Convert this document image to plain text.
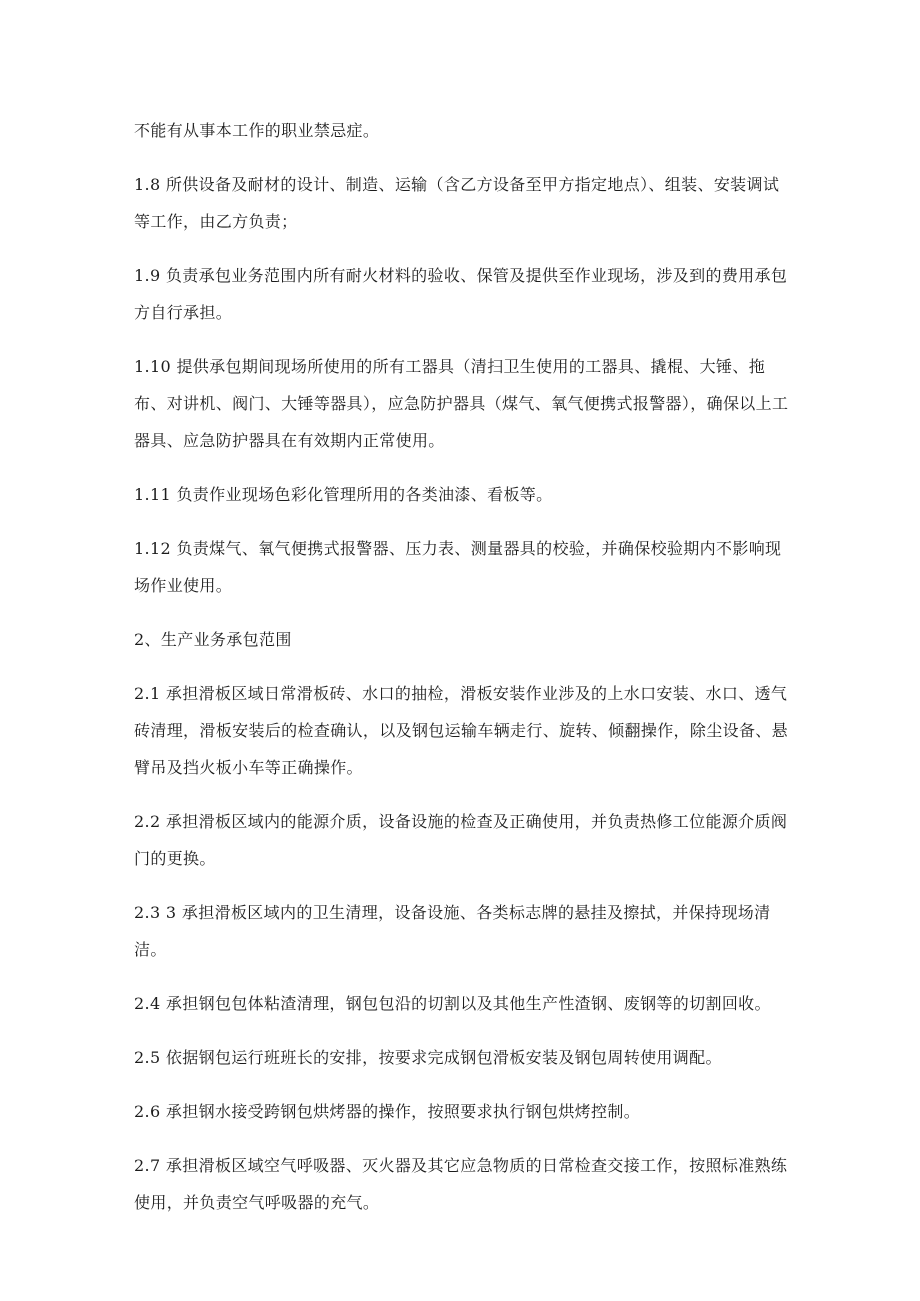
不能有从事本工作的职业禁忌症。

1.8 所供设备及耐材的设计、制造、运输（含乙方设备至甲方指定地点）、组装、安装调试等工作，由乙方负责；

1.9 负责承包业务范围内所有耐火材料的验收、保管及提供至作业现场，涉及到的费用承包方自行承担。

1.10 提供承包期间现场所使用的所有工器具（清扫卫生使用的工器具、撬棍、大锤、拖布、对讲机、阀门、大锤等器具），应急防护器具（煤气、氧气便携式报警器），确保以上工器具、应急防护器具在有效期内正常使用。

1.11 负责作业现场色彩化管理所用的各类油漆、看板等。

1.12 负责煤气、氧气便携式报警器、压力表、测量器具的校验，并确保校验期内不影响现场作业使用。

2、生产业务承包范围

2.1 承担滑板区域日常滑板砖、水口的抽检，滑板安装作业涉及的上水口安装、水口、透气砖清理，滑板安装后的检查确认，以及钢包运输车辆走行、旋转、倾翻操作，除尘设备、悬臂吊及挡火板小车等正确操作。

2.2 承担滑板区域内的能源介质，设备设施的检查及正确使用，并负责热修工位能源介质阀门的更换。

2.3 3 承担滑板区域内的卫生清理，设备设施、各类标志牌的悬挂及擦拭，并保持现场清洁。

2.4 承担钢包包体粘渣清理，钢包包沿的切割以及其他生产性渣钢、废钢等的切割回收。

2.5 依据钢包运行班班长的安排，按要求完成钢包滑板安装及钢包周转使用调配。

2.6 承担钢水接受跨钢包烘烤器的操作，按照要求执行钢包烘烤控制。

2.7 承担滑板区域空气呼吸器、灭火器及其它应急物质的日常检查交接工作，按照标准熟练使用，并负责空气呼吸器的充气。
